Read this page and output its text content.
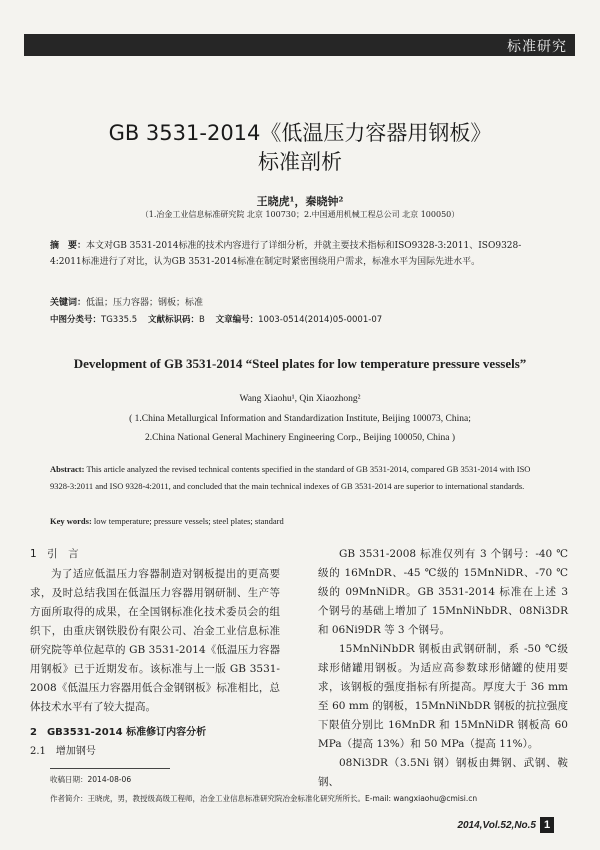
标准研究
GB 3531-2014《低温压力容器用钢板》
标准剖析
王晓虎¹，秦晓钟²
（1.冶金工业信息标准研究院 北京 100730；2.中国通用机械工程总公司 北京 100050）
摘　要：本文对GB 3531-2014标准的技术内容进行了详细分析，并就主要技术指标和ISO9328-3:2011、ISO9328-4:2011标准进行了对比，认为GB 3531-2014标准在制定时紧密围绕用户需求，标准水平为国际先进水平。
关键词：低温；压力容器；钢板；标准
中图分类号：TG335.5 文献标识码：B 文章编号：1003-0514(2014)05-0001-07
Development of GB 3531-2014 “Steel plates for low temperature pressure vessels”
Wang Xiaohu¹, Qin Xiaozhong²
( 1.China Metallurgical Information and Standardization Institute, Beijing 100073, China;
2.China National General Machinery Engineering Corp., Beijing 100050, China )
Abstract: This article analyzed the revised technical contents specified in the standard of GB 3531-2014, compared GB 3531-2014 with ISO 9328-3:2011 and ISO 9328-4:2011, and concluded that the main technical indexes of GB 3531-2014 are superior to international standards.
Key words: low temperature; pressure vessels; steel plates; standard
1　引　言

为了适应低温压力容器制造对钢板提出的更高要求，及时总结我国在低温压力容器用钢研制、生产等方面所取得的成果，在全国钢标准化技术委员会的组织下，由重庆钢铁股份有限公司、冶金工业信息标准研究院等单位起草的 GB 3531-2014《低温压力容器用钢板》已于近期发布。该标准与上一版 GB 3531-2008《低温压力容器用低合金钢钢板》标准相比，总体技术水平有了较大提高。

2　GB3531-2014 标准修订内容分析
2.1　增加钢号

GB 3531-2008 标准仅列有 3 个钢号：-40 ℃级的 16MnDR、-45 ℃级的 15MnNiDR、-70 ℃级的 09MnNiDR。GB 3531-2014 标准在上述 3 个钢号的基础上增加了 15MnNiNbDR、08Ni3DR 和 06Ni9DR 等 3 个钢号。

15MnNiNbDR 钢板由武钢研制，系 -50 ℃级球形储罐用钢板。为适应高参数球形储罐的使用要求，该钢板的强度指标有所提高。厚度大于 36 mm 至 60 mm 的钢板，15MnNiNbDR 钢板的抗拉强度下限值分别比 16MnDR 和 15MnNiDR 钢板高 60 MPa（提高 13%）和 50 MPa（提高 11%）。

08Ni3DR（3.5Ni 钢）钢板由舞钢、武钢、鞍钢、

收稿日期：2014-08-06
作者简介：王晓虎，男，教授级高级工程师，冶金工业信息标准研究院冶金标准化研究所所长。E-mail: wangxiaohu@cmisi.cn
2014,Vol.52,No.5 1
